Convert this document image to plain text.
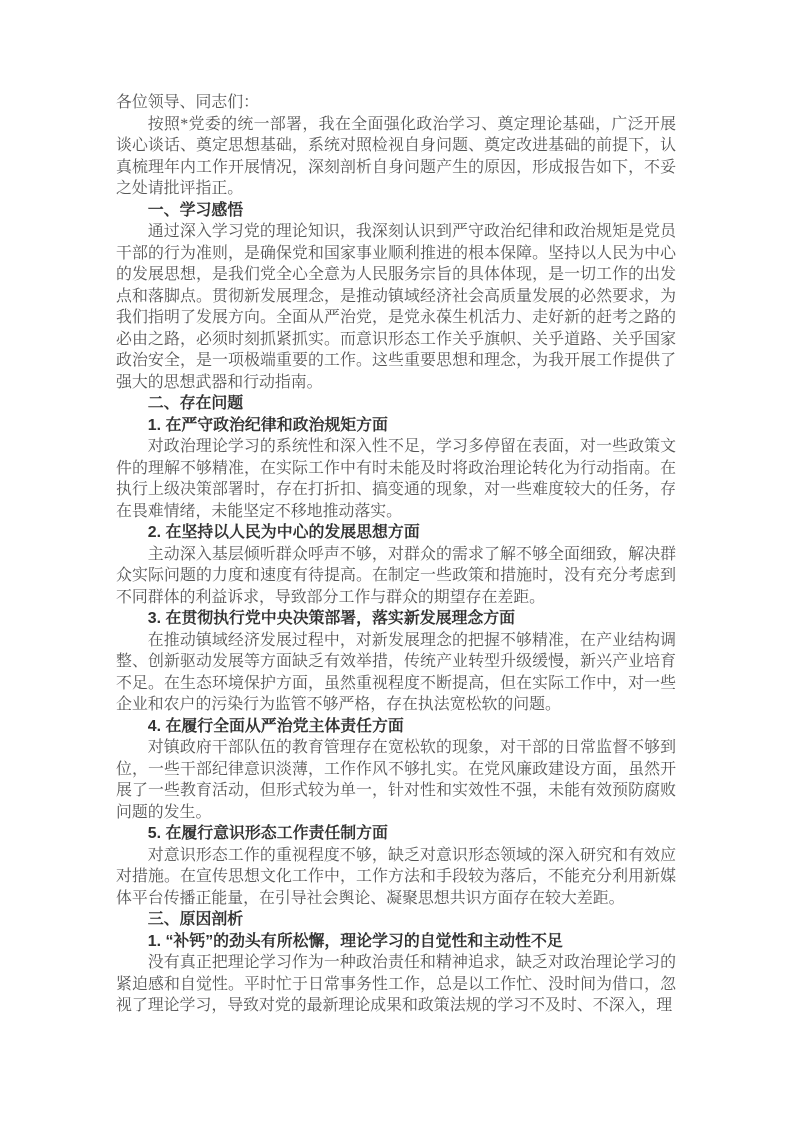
各位领导、同志们：

按照*党委的统一部署，我在全面强化政治学习、奠定理论基础，广泛开展谈心谈话、奠定思想基础，系统对照检视自身问题、奠定改进基础的前提下，认真梳理年内工作开展情况，深刻剖析自身问题产生的原因，形成报告如下，不妥之处请批评指正。

一、学习感悟

通过深入学习党的理论知识，我深刻认识到严守政治纪律和政治规矩是党员干部的行为准则，是确保党和国家事业顺利推进的根本保障。坚持以人民为中心的发展思想，是我们党全心全意为人民服务宗旨的具体体现，是一切工作的出发点和落脚点。贯彻新发展理念，是推动镇域经济社会高质量发展的必然要求，为我们指明了发展方向。全面从严治党，是党永葆生机活力、走好新的赶考之路的必由之路，必须时刻抓紧抓实。而意识形态工作关乎旗帜、关乎道路、关乎国家政治安全，是一项极端重要的工作。这些重要思想和理念，为我开展工作提供了强大的思想武器和行动指南。

二、存在问题

1. 在严守政治纪律和政治规矩方面

对政治理论学习的系统性和深入性不足，学习多停留在表面，对一些政策文件的理解不够精准，在实际工作中有时未能及时将政治理论转化为行动指南。在执行上级决策部署时，存在打折扣、搞变通的现象，对一些难度较大的任务，存在畏难情绪，未能坚定不移地推动落实。

2. 在坚持以人民为中心的发展思想方面

主动深入基层倾听群众呼声不够，对群众的需求了解不够全面细致，解决群众实际问题的力度和速度有待提高。在制定一些政策和措施时，没有充分考虑到不同群体的利益诉求，导致部分工作与群众的期望存在差距。

3. 在贯彻执行党中央决策部署，落实新发展理念方面

在推动镇域经济发展过程中，对新发展理念的把握不够精准，在产业结构调整、创新驱动发展等方面缺乏有效举措，传统产业转型升级缓慢，新兴产业培育不足。在生态环境保护方面，虽然重视程度不断提高，但在实际工作中，对一些企业和农户的污染行为监管不够严格，存在执法宽松软的问题。

4. 在履行全面从严治党主体责任方面

对镇政府干部队伍的教育管理存在宽松软的现象，对干部的日常监督不够到位，一些干部纪律意识淡薄，工作作风不够扎实。在党风廉政建设方面，虽然开展了一些教育活动，但形式较为单一，针对性和实效性不强，未能有效预防腐败问题的发生。

5. 在履行意识形态工作责任制方面

对意识形态工作的重视程度不够，缺乏对意识形态领域的深入研究和有效应对措施。在宣传思想文化工作中，工作方法和手段较为落后，不能充分利用新媒体平台传播正能量，在引导社会舆论、凝聚思想共识方面存在较大差距。

三、原因剖析

1. “补钙”的劲头有所松懈，理论学习的自觉性和主动性不足

没有真正把理论学习作为一种政治责任和精神追求，缺乏对政治理论学习的紧迫感和自觉性。平时忙于日常事务性工作，总是以工作忙、没时间为借口，忽视了理论学习，导致对党的最新理论成果和政策法规的学习不及时、不深入，理
